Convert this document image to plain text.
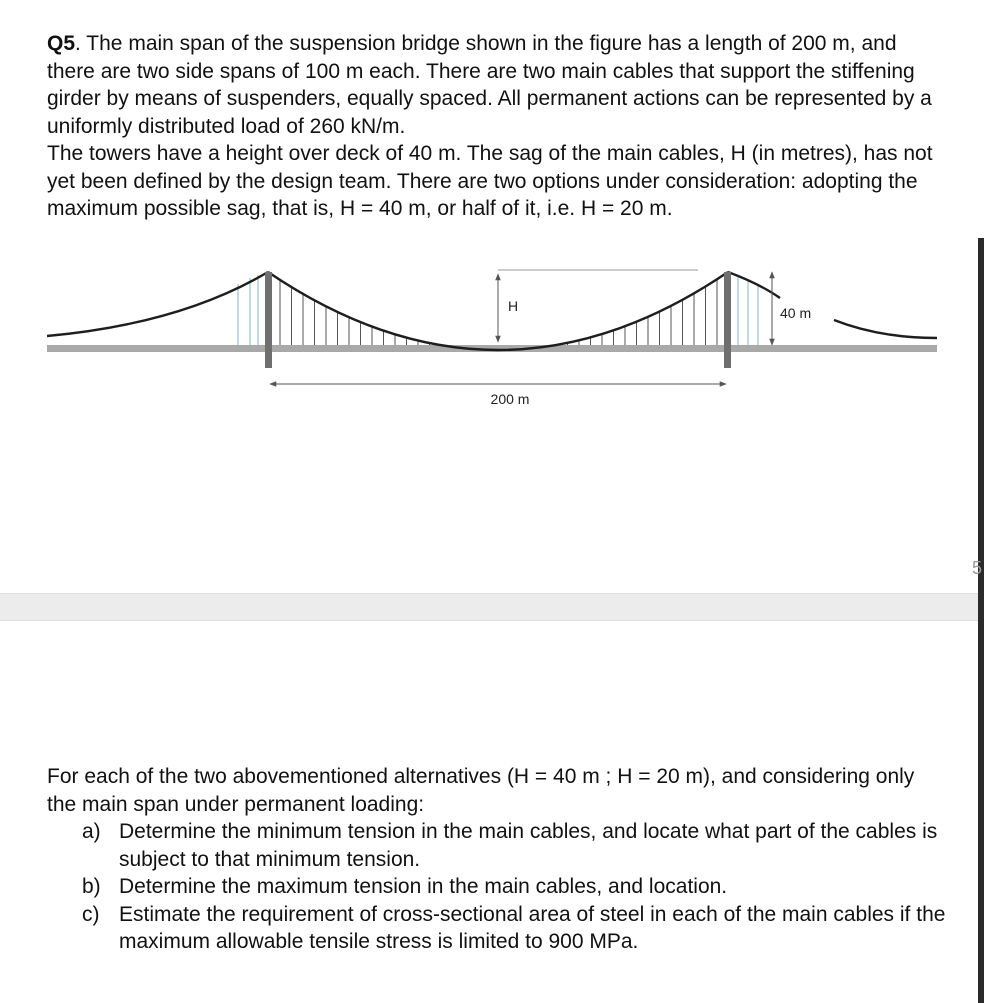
Q5. The main span of the suspension bridge shown in the figure has a length of 200 m, and there are two side spans of 100 m each. There are two main cables that support the stiffening girder by means of suspenders, equally spaced. All permanent actions can be represented by a uniformly distributed load of 260 kN/m.

The towers have a height over deck of 40 m. The sag of the main cables, H (in metres), has not yet been defined by the design team. There are two options under consideration: adopting the maximum possible sag, that is, H = 40 m, or half of it, i.e. H = 20 m.

H	40 m
200 m
5

For each of the two abovementioned alternatives (H = 40 m ; H = 20 m), and considering only the main span under permanent loading:

a) Determine the minimum tension in the main cables, and locate what part of the cables is subject to that minimum tension.
b) Determine the maximum tension in the main cables, and location.
c) Estimate the requirement of cross-sectional area of steel in each of the main cables if the maximum allowable tensile stress is limited to 900 MPa.
